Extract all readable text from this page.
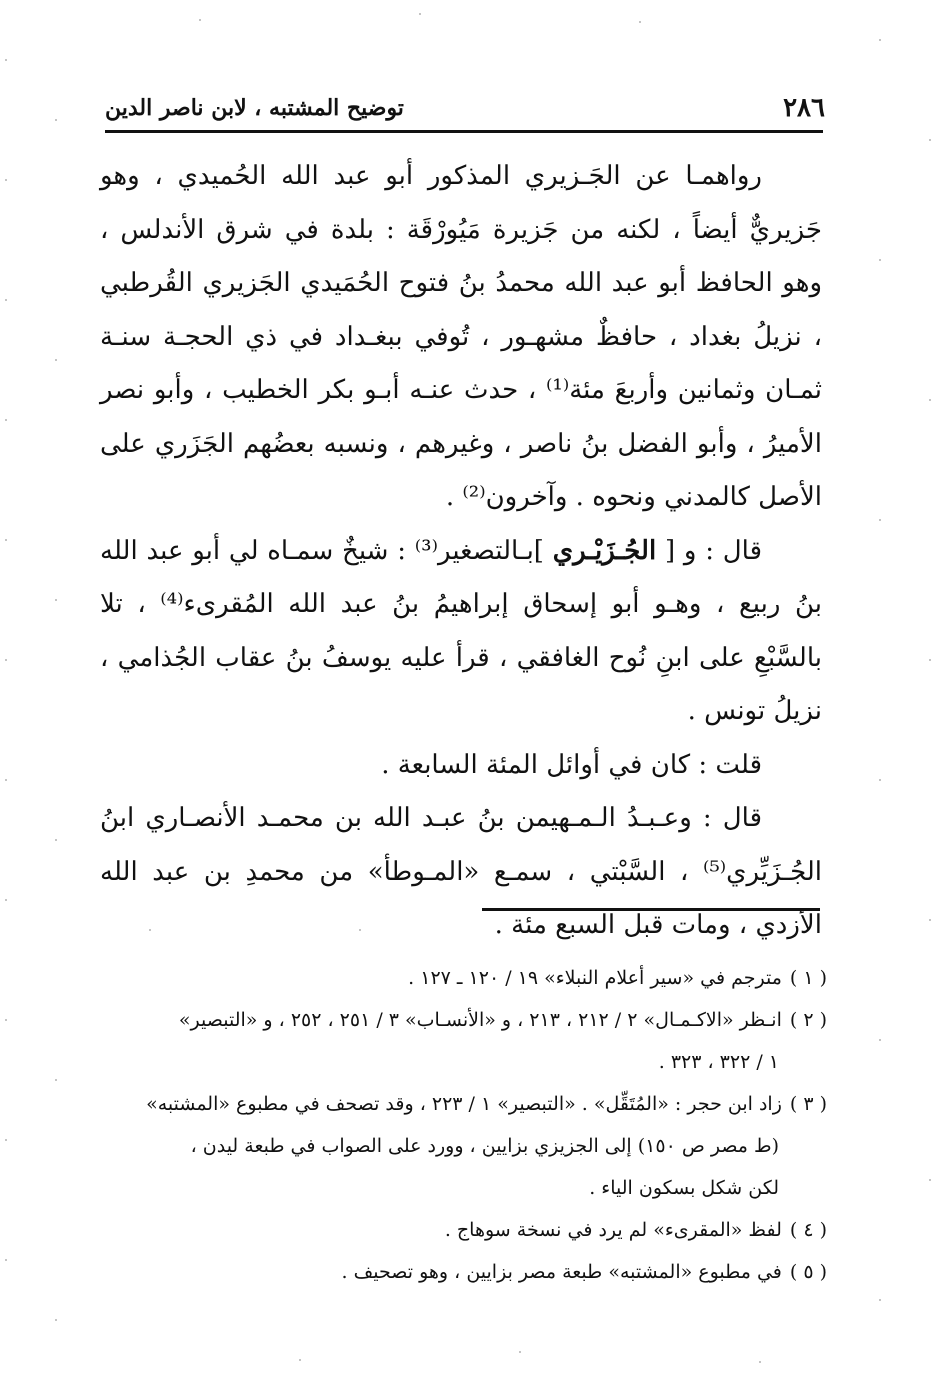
توضيح المشتبه ، لابن ناصر الدين	٢٨٦

رواهمـا عن الجَـزيري المذكور أبو عبد الله الحُميدي ، وهو جَزيريٌّ أيضاً ، لكنه من جَزيرة مَيُورْقَة : بلدة في شرق الأندلس ، وهو الحافظ أبو عبد الله محمدُ بنُ فتوح الحُمَيدي الجَزيري القُرطبي ، نزيلُ بغداد ، حافظٌ مشهـور ، تُوفي ببغـداد في ذي الحجـة سنـة ثمـان وثمانين وأربعَ مئة⁽¹⁾ ، حدث عنـه أبـو بكر الخطيب ، وأبو نصر الأميرُ ، وأبو الفضل بنُ ناصر ، وغيرهم ، ونسبه بعضُهم الجَزَري على الأصل كالمدني ونحوه . وآخرون⁽²⁾ .

قال : و [ الجُـزَيْـري ]بـالتصغير⁽³⁾ : شيخٌ سمـاه لي أبو عبد الله بنُ ربيع ، وهـو أبو إسحاق إبراهيمُ بنُ عبد الله المُقرىء⁽⁴⁾ ، تلا بالسَّبْعِ على ابنِ نُوح الغافقي ، قرأ عليه يوسفُ بنُ عقاب الجُذامي ، نزيلُ تونس .

قلت : كان في أوائل المئة السابعة .

قال : وعـبـدُ الـمـهيمن بنُ عبـد الله بن محمـد الأنصـاري ابنُ الجُـزَيِّري⁽⁵⁾ ، السَّبْتي ، سمـع «المـوطأ» من محمدِ بن عبد الله الأزدي ، ومات قبل السبع مئة .

( ١ )مترجم في «سير أعلام النبلاء» ١٩ / ١٢٠ ـ ١٢٧ .

( ٢ )انـظر «الاكـمـال» ٢ / ٢١٢ ، ٢١٣ ، و «الأنسـاب» ٣ / ٢٥١ ، ٢٥٢ ، و «التبصير»

١ / ٣٢٢ ، ٣٢٣ .

( ٣ )زاد ابن حجر : «المُتَقِّل» . «التبصير» ١ / ٢٢٣ ، وقد تصحف في مطبوع «المشتبه»

(ط مصر ص ١٥٠) إلى الجزيزي بزايين ، وورد على الصواب في طبعة ليدن ،

لكن شكل بسكون الياء .

( ٤ )لفظ «المقرىء» لم يرد في نسخة سوهاج .

( ٥ )في مطبوع «المشتبه» طبعة مصر بزايين ، وهو تصحيف .
